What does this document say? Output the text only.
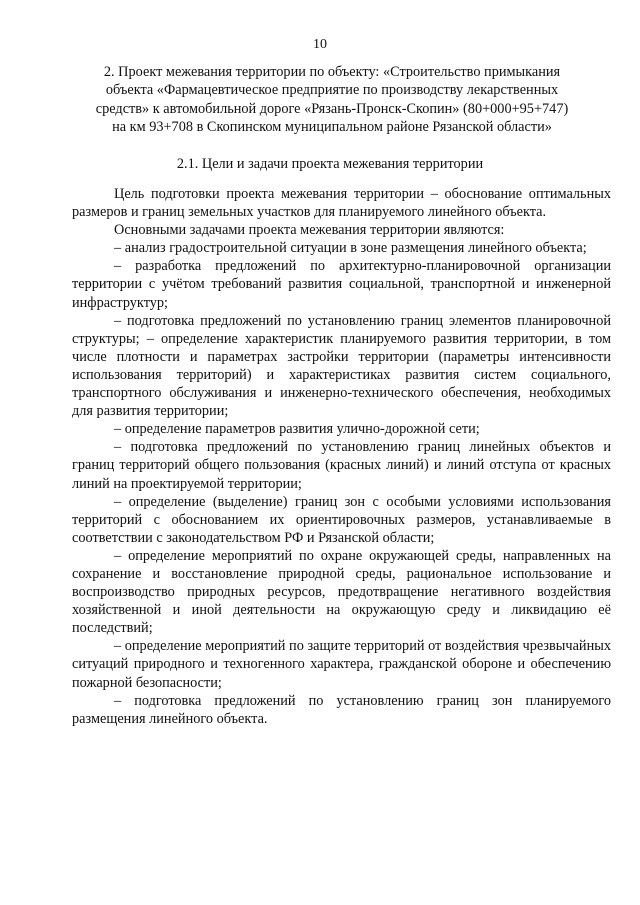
10
2. Проект межевания территории по объекту: «Строительство примыкания объекта «Фармацевтическое предприятие по производству лекарственных средств» к автомобильной дороге «Рязань-Пронск-Скопин» (80+000+95+747) на км 93+708 в Скопинском муниципальном районе Рязанской области»
2.1. Цели и задачи проекта межевания территории

Цель подготовки проекта межевания территории – обоснование оптимальных размеров и границ земельных участков для планируемого линейного объекта.

Основными задачами проекта межевания территории являются:

– анализ градостроительной ситуации в зоне размещения линейного объекта;

– разработка предложений по архитектурно-планировочной организации территории с учётом требований развития социальной, транспортной и инженерной инфраструктур;

– подготовка предложений по установлению границ элементов планировочной структуры; – определение характеристик планируемого развития территории, в том числе плотности и параметрах застройки территории (параметры интенсивности использования территорий) и характеристиках развития систем социального, транспортного обслуживания и инженерно-технического обеспечения, необходимых для развития территории;

– определение параметров развития улично-дорожной сети;

– подготовка предложений по установлению границ линейных объектов и границ территорий общего пользования (красных линий) и линий отступа от красных линий на проектируемой территории;

– определение (выделение) границ зон с особыми условиями использования территорий с обоснованием их ориентировочных размеров, устанавливаемые в соответствии с законодательством РФ и Рязанской области;

– определение мероприятий по охране окружающей среды, направленных на сохранение и восстановление природной среды, рациональное использование и воспроизводство природных ресурсов, предотвращение негативного воздействия хозяйственной и иной деятельности на окружающую среду и ликвидацию её последствий;

– определение мероприятий по защите территорий от воздействия чрезвычайных ситуаций природного и техногенного характера, гражданской обороне и обеспечению пожарной безопасности;

– подготовка предложений по установлению границ зон планируемого размещения линейного объекта.
